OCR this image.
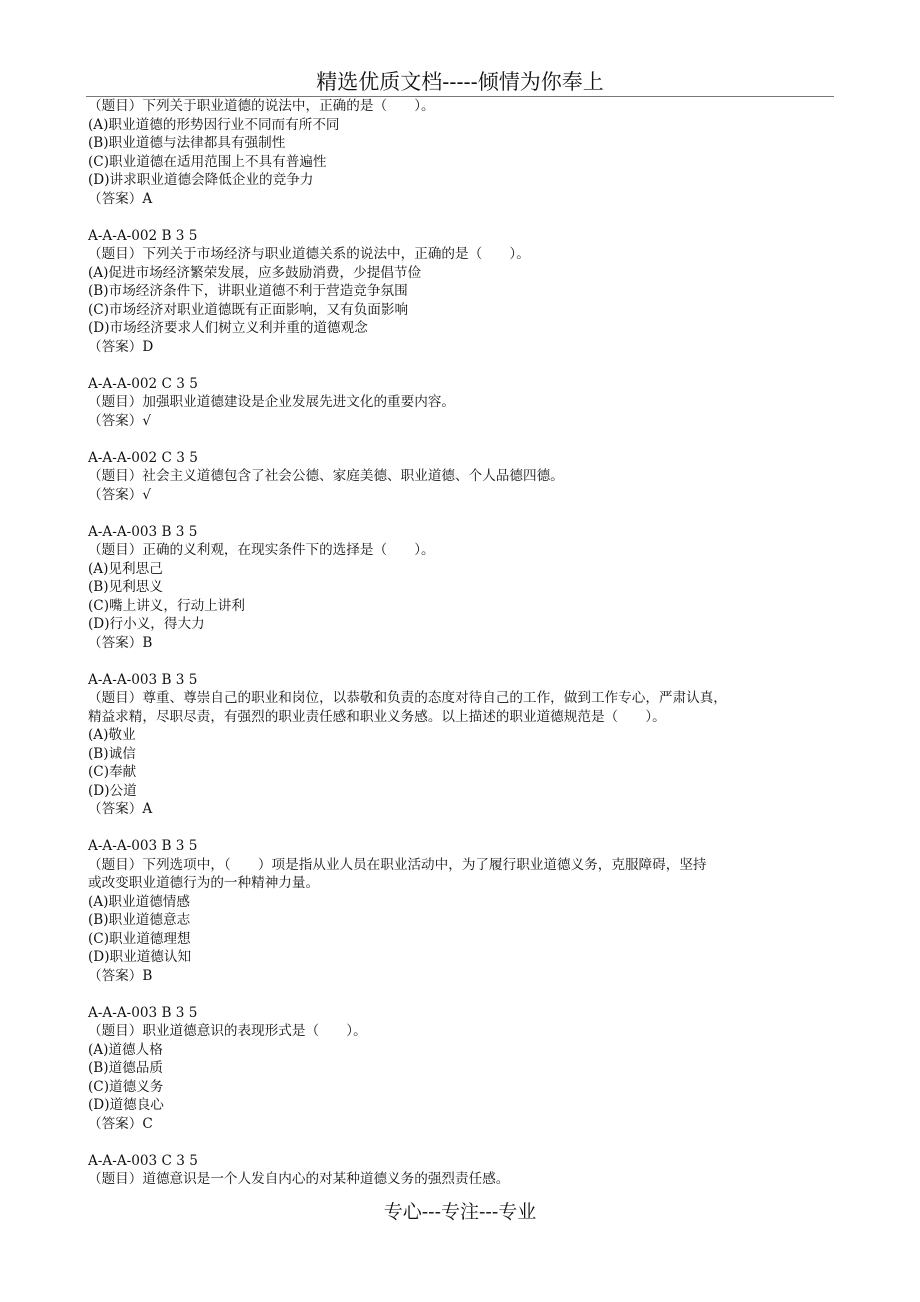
精选优质文档-----倾情为你奉上
（题目）下列关于职业道德的说法中，正确的是（　　）。
(A)职业道德的形势因行业不同而有所不同
(B)职业道德与法律都具有强制性
(C)职业道德在适用范围上不具有普遍性
(D)讲求职业道德会降低企业的竞争力
（答案）A
A-A-A-002 B 3 5
（题目）下列关于市场经济与职业道德关系的说法中，正确的是（　　）。
(A)促进市场经济繁荣发展，应多鼓励消费，少提倡节俭
(B)市场经济条件下，讲职业道德不利于营造竞争氛围
(C)市场经济对职业道德既有正面影响，又有负面影响
(D)市场经济要求人们树立义利并重的道德观念
（答案）D
A-A-A-002 C 3 5
（题目）加强职业道德建设是企业发展先进文化的重要内容。
（答案）√
A-A-A-002 C 3 5
（题目）社会主义道德包含了社会公德、家庭美德、职业道德、个人品德四德。
（答案）√
A-A-A-003 B 3 5
（题目）正确的义利观，在现实条件下的选择是（　　）。
(A)见利思己
(B)见利思义
(C)嘴上讲义，行动上讲利
(D)行小义，得大力
（答案）B
A-A-A-003 B 3 5
（题目）尊重、尊崇自己的职业和岗位，以恭敬和负责的态度对待自己的工作，做到工作专心，严肃认真，
精益求精，尽职尽责，有强烈的职业责任感和职业义务感。以上描述的职业道德规范是（　　）。
(A)敬业
(B)诚信
(C)奉献
(D)公道
（答案）A
A-A-A-003 B 3 5
（题目）下列选项中，（　　）项是指从业人员在职业活动中，为了履行职业道德义务，克服障碍，坚持
或改变职业道德行为的一种精神力量。
(A)职业道德情感
(B)职业道德意志
(C)职业道德理想
(D)职业道德认知
（答案）B
A-A-A-003 B 3 5
（题目）职业道德意识的表现形式是（　　）。
(A)道德人格
(B)道德品质
(C)道德义务
(D)道德良心
（答案）C
A-A-A-003 C 3 5
（题目）道德意识是一个人发自内心的对某种道德义务的强烈责任感。
专心---专注---专业
